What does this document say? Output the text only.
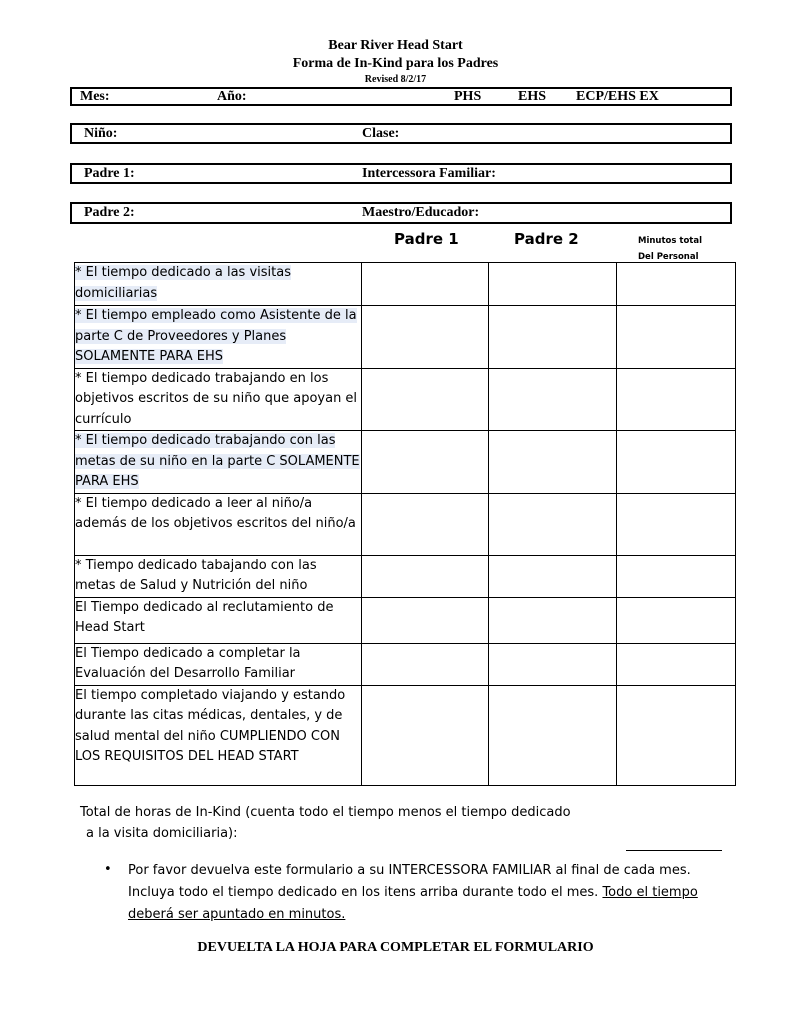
Bear River Head Start
Forma de In-Kind para los Padres
Revised 8/2/17
Mes:	Año:	PHS	EHS ECP/EHS EX
Niño:	Clase:
Padre 1:	Intercessora Familiar:
Padre 2:	Maestro/Educador:
Padre 1	Padre 2	Minutos total
Del Personal
* El tiempo dedicado a las visitas domiciliarias			
* El tiempo empleado como Asistente de la parte C de Proveedores y Planes SOLAMENTE PARA EHS			
* El tiempo dedicado trabajando en los objetivos escritos de su niño que apoyan el currículo			
* El tiempo dedicado trabajando con las metas de su niño en la parte C SOLAMENTE PARA EHS			
* El tiempo dedicado a leer al niño/a además de los objetivos escritos del niño/a			
* Tiempo dedicado tabajando con las metas de Salud y Nutrición del niño			
El Tiempo dedicado al reclutamiento de Head Start			
El Tiempo dedicado a completar la Evaluación del Desarrollo Familiar			
El tiempo completado viajando y estando durante las citas médicas, dentales, y de salud mental del niño CUMPLIENDO CON LOS REQUISITOS DEL HEAD START			
Total de horas de In-Kind (cuenta todo el tiempo menos el tiempo dedicado
a la visita domiciliaria):
• Por favor devuelva este formulario a su INTERCESSORA FAMILIAR al final de cada mes. Incluya todo el tiempo dedicado en los itens arriba durante todo el mes. Todo el tiempo deberá ser apuntado en minutos.
DEVUELTA LA HOJA PARA COMPLETAR EL FORMULARIO
